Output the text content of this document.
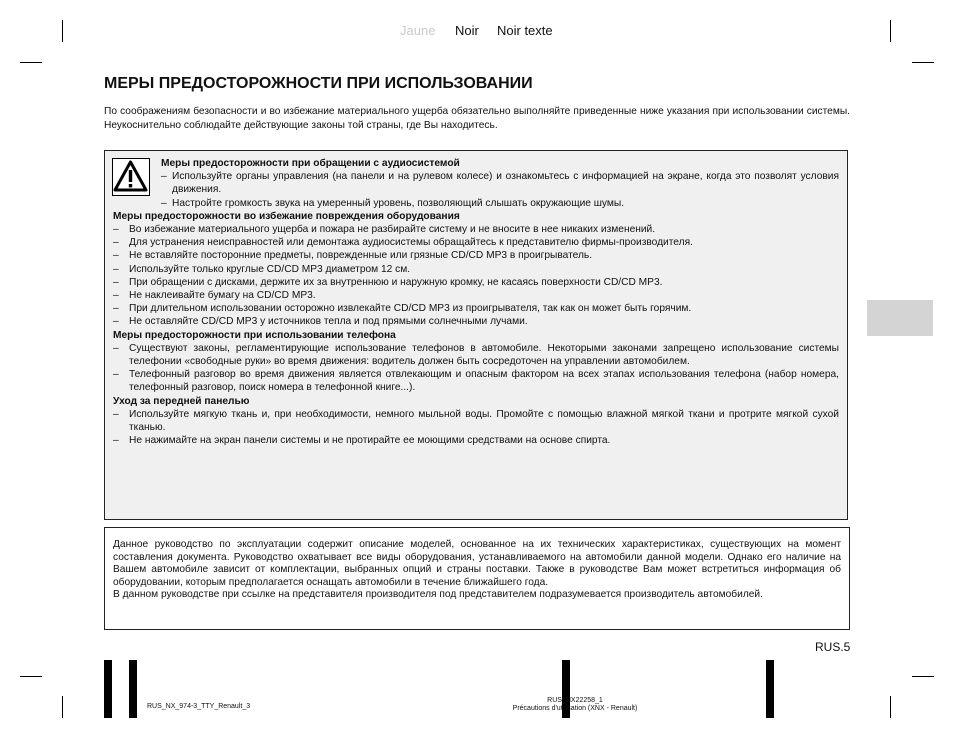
Jaune Noir Noir texte
МЕРЫ ПРЕДОСТОРОЖНОСТИ ПРИ ИСПОЛЬЗОВАНИИ

По соображениям безопасности и во избежание материального ущерба обязательно выполняйте приведенные ниже указания при использовании системы. Неукоснительно соблюдайте действующие законы той страны, где Вы находитесь.

Меры предосторожности при обращении с аудиосистемой
– Используйте органы управления (на панели и на рулевом колесе) и ознакомьтесь с информацией на экране, когда это позволят условия движения.
– Настройте громкость звука на умеренный уровень, позволяющий слышать окружающие шумы.
Меры предосторожности во избежание повреждения оборудования
–	Во избежание материального ущерба и пожара не разбирайте систему и не вносите в нее никаких изменений.
–	Для устранения неисправностей или демонтажа аудиосистемы обращайтесь к представителю фирмы-производителя.
–	Не вставляйте посторонние предметы, поврежденные или грязные CD/CD MP3 в проигрыватель.
–	Используйте только круглые CD/CD MP3 диаметром 12 см.
–	При обращении с дисками, держите их за внутреннюю и наружную кромку, не касаясь поверхности CD/CD MP3.
–	Не наклеивайте бумагу на CD/CD MP3.
–	При длительном использовании осторожно извлекайте CD/CD MP3 из проигрывателя, так как он может быть горячим.
–	Не оставляйте CD/CD MP3 у источников тепла и под прямыми солнечными лучами.
Меры предосторожности при использовании телефона
–	Существуют законы, регламентирующие использование телефонов в автомобиле. Некоторыми законами запрещено использование системы телефонии «свободные руки» во время движения: водитель должен быть сосредоточен на управлении автомобилем.
–	Телефонный разговор во время движения является отвлекающим и опасным фактором на всех этапах использования телефона (набор номера, телефонный разговор, поиск номера в телефонной книге...).
Уход за передней панелью
–	Используйте мягкую ткань и, при необходимости, немного мыльной воды. Промойте с помощью влажной мягкой ткани и протрите мягкой сухой тканью.
–	Не нажимайте на экран панели системы и не протирайте ее моющими средствами на основе спирта.
Данное руководство по эксплуатации содержит описание моделей, основанное на их технических характеристиках, существующих на момент составления документа. Руководство охватывает все виды оборудования, устанавливаемого на автомобили данной модели. Однако его наличие на Вашем автомобиле зависит от комплектации, выбранных опций и страны поставки. Также в руководстве Вам может встретиться информация об оборудовании, которым предполагается оснащать автомобили в течение ближайшего года.
В данном руководстве при ссылке на представителя производителя под представителем подразумевается производитель автомобилей.
RUS.5
RUS_NX_974-3_TTY_Renault_3
RUS_NX22258_1
Précautions d'utilisation (XNX - Renault)
